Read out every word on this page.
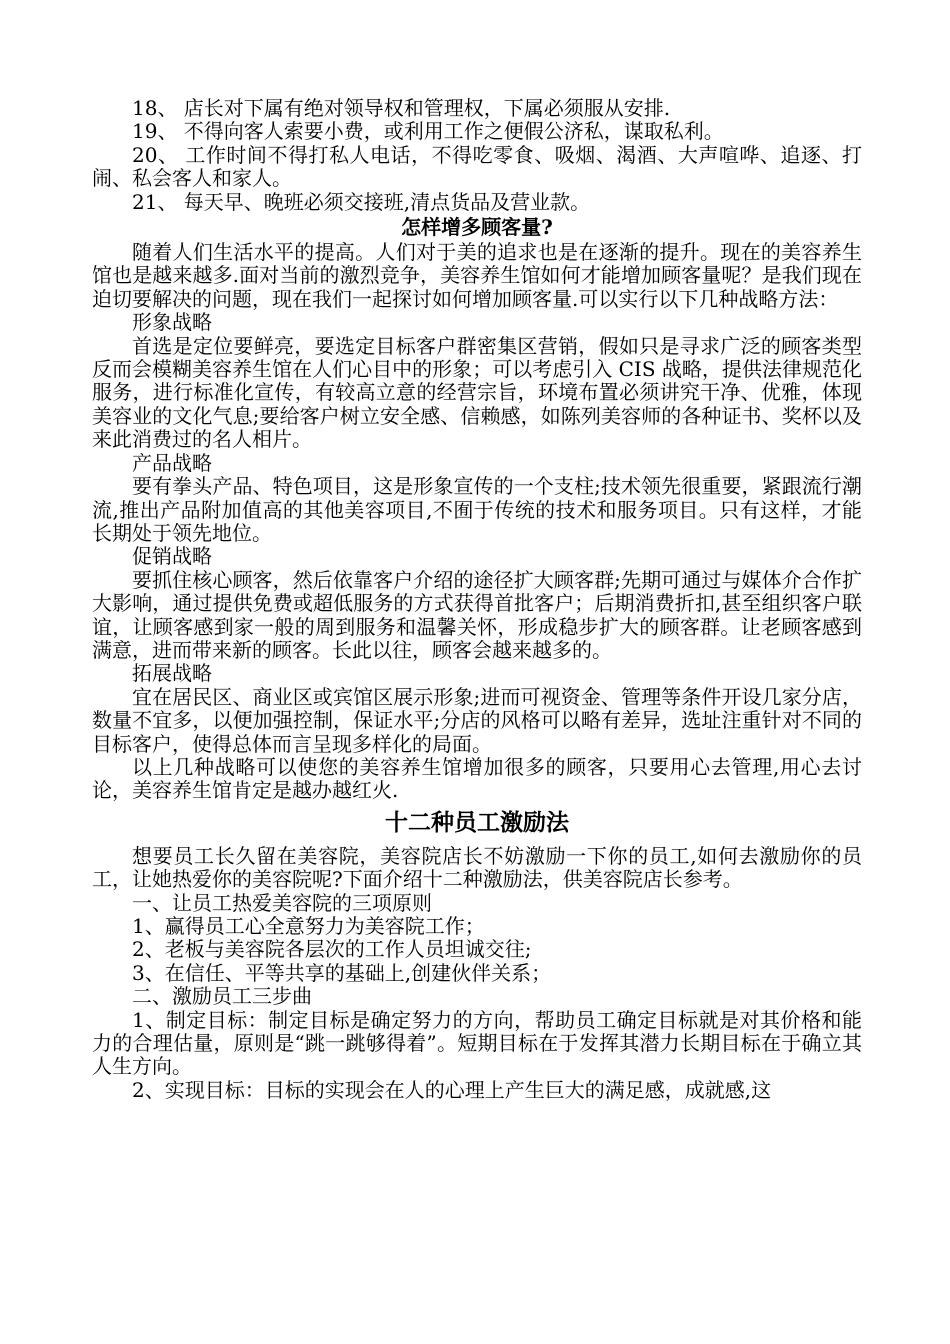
18、 店长对下属有绝对领导权和管理权，下属必须服从安排.

19、 不得向客人索要小费，或利用工作之便假公济私，谋取私利。

20、 工作时间不得打私人电话，不得吃零食、吸烟、渴酒、大声喧哗、追逐、打闹、私会客人和家人。

21、 每天早、晚班必须交接班,清点货品及营业款。

怎样增多顾客量?

随着人们生活水平的提高。人们对于美的追求也是在逐渐的提升。现在的美容养生馆也是越来越多.面对当前的激烈竞争，美容养生馆如何才能增加顾客量呢？是我们现在迫切要解决的问题，现在我们一起探讨如何增加顾客量.可以实行以下几种战略方法：

形象战略

首选是定位要鲜亮，要选定目标客户群密集区营销，假如只是寻求广泛的顾客类型反而会模糊美容养生馆在人们心目中的形象；可以考虑引入 CIS 战略，提供法律规范化服务，进行标准化宣传，有较高立意的经营宗旨，环境布置必须讲究干净、优雅，体现美容业的文化气息;要给客户树立安全感、信赖感，如陈列美容师的各种证书、奖杯以及来此消费过的名人相片。

产品战略

要有拳头产品、特色项目，这是形象宣传的一个支柱;技术领先很重要，紧跟流行潮流,推出产品附加值高的其他美容项目,不囿于传统的技术和服务项目。只有这样，才能长期处于领先地位。

促销战略

要抓住核心顾客，然后依靠客户介绍的途径扩大顾客群;先期可通过与媒体介合作扩大影响，通过提供免费或超低服务的方式获得首批客户；后期消费折扣,甚至组织客户联谊，让顾客感到家一般的周到服务和温馨关怀，形成稳步扩大的顾客群。让老顾客感到满意，进而带来新的顾客。长此以往，顾客会越来越多的。

拓展战略

宜在居民区、商业区或宾馆区展示形象;进而可视资金、管理等条件开设几家分店，数量不宜多，以便加强控制，保证水平;分店的风格可以略有差异，选址注重针对不同的目标客户，使得总体而言呈现多样化的局面。

以上几种战略可以使您的美容养生馆增加很多的顾客，只要用心去管理,用心去讨论，美容养生馆肯定是越办越红火.

十二种员工激励法

想要员工长久留在美容院，美容院店长不妨激励一下你的员工,如何去激励你的员工，让她热爱你的美容院呢?下面介绍十二种激励法，供美容院店长参考。

一、让员工热爱美容院的三项原则

1、赢得员工心全意努力为美容院工作；

2、老板与美容院各层次的工作人员坦诚交往;

3、在信任、平等共享的基础上,创建伙伴关系；

二、激励员工三步曲

1、制定目标：制定目标是确定努力的方向，帮助员工确定目标就是对其价格和能力的合理估量，原则是“跳一跳够得着”。短期目标在于发挥其潜力长期目标在于确立其人生方向。

2、实现目标：目标的实现会在人的心理上产生巨大的满足感，成就感,这
